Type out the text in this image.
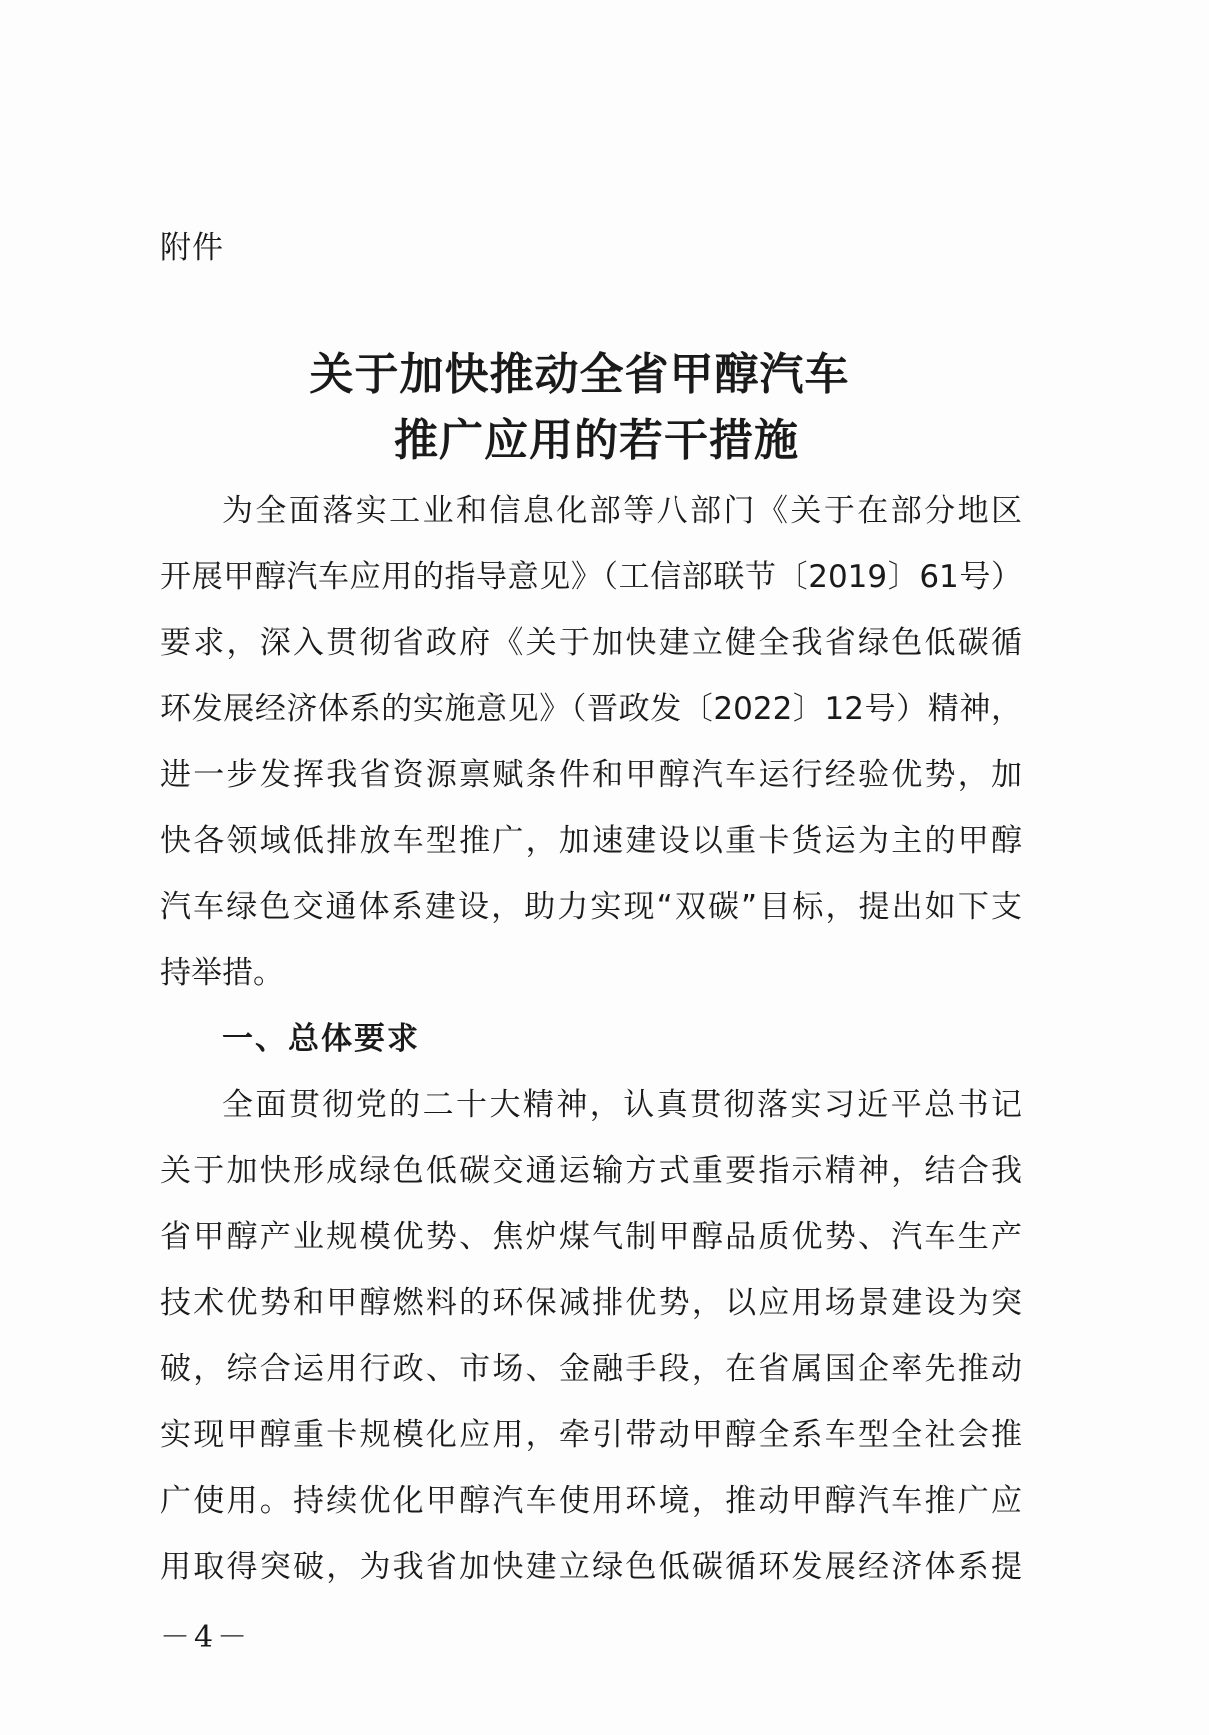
附件
关于加快推动全省甲醇汽车
推广应用的若干措施
为全面落实工业和信息化部等八部门《关于在部分地区
开展甲醇汽车应用的指导意见》（工信部联节〔2019〕61号）
要求，深入贯彻省政府《关于加快建立健全我省绿色低碳循
环发展经济体系的实施意见》（晋政发〔2022〕12号）精神，
进一步发挥我省资源禀赋条件和甲醇汽车运行经验优势，加
快各领域低排放车型推广，加速建设以重卡货运为主的甲醇
汽车绿色交通体系建设，助力实现“双碳”目标，提出如下支
持举措。
一、总体要求
全面贯彻党的二十大精神，认真贯彻落实习近平总书记
关于加快形成绿色低碳交通运输方式重要指示精神，结合我
省甲醇产业规模优势、焦炉煤气制甲醇品质优势、汽车生产
技术优势和甲醇燃料的环保减排优势，以应用场景建设为突
破，综合运用行政、市场、金融手段，在省属国企率先推动
实现甲醇重卡规模化应用，牵引带动甲醇全系车型全社会推
广使用。持续优化甲醇汽车使用环境，推动甲醇汽车推广应
用取得突破，为我省加快建立绿色低碳循环发展经济体系提
－4－
